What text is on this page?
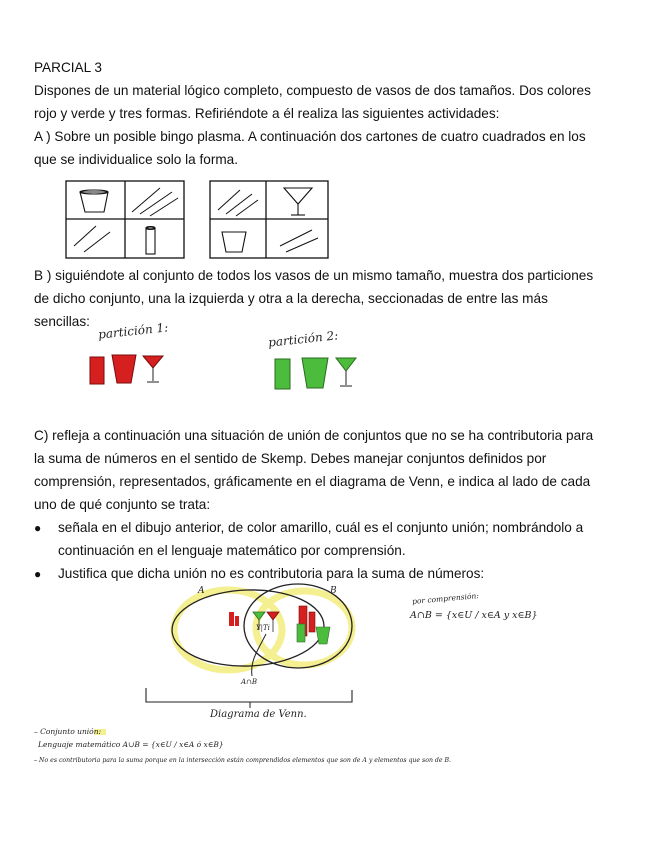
PARCIAL 3
Dispones de un material lógico completo, compuesto de vasos de dos tamaños. Dos colores
rojo y verde y tres formas. Refiriéndote a él realiza las siguientes actividades:
A ) Sobre un posible bingo plasma. A continuación dos cartones de cuatro cuadrados en los
que se individualice solo la forma.
B ) siguiéndote al conjunto de todos los vasos de un mismo tamaño, muestra dos particiones
de dicho conjunto, una la izquierda y otra a la derecha, seccionadas de entre las más
sencillas:
C) refleja a continuación una situación de unión de conjuntos que no se ha contributoria para
la suma de números en el sentido de Skemp. Debes manejar conjuntos definidos por
comprensión, representados, gráficamente en el diagrama de Venn, e indica al lado de cada
uno de qué conjunto se trata:
● señala en el dibujo anterior, de color amarillo, cuál es el conjunto unión; nombrándolo a
continuación en el lenguaje matemático por comprensión.
● Justifica que dicha unión no es contributoria para la suma de números:
partición 1:	partición 2:
A	B
Y|Ti
A∩B
Diagrama de Venn.
por comprensión:
A∩B = {x∈U / x∈A y x∈B}
– Conjunto unión:
Lenguaje matemático A∪B = {x∈U / x∈A ó x∈B}
– No es contributoria para la suma porque en la intersección están comprendidos elementos que son de A y elementos que son de B.
